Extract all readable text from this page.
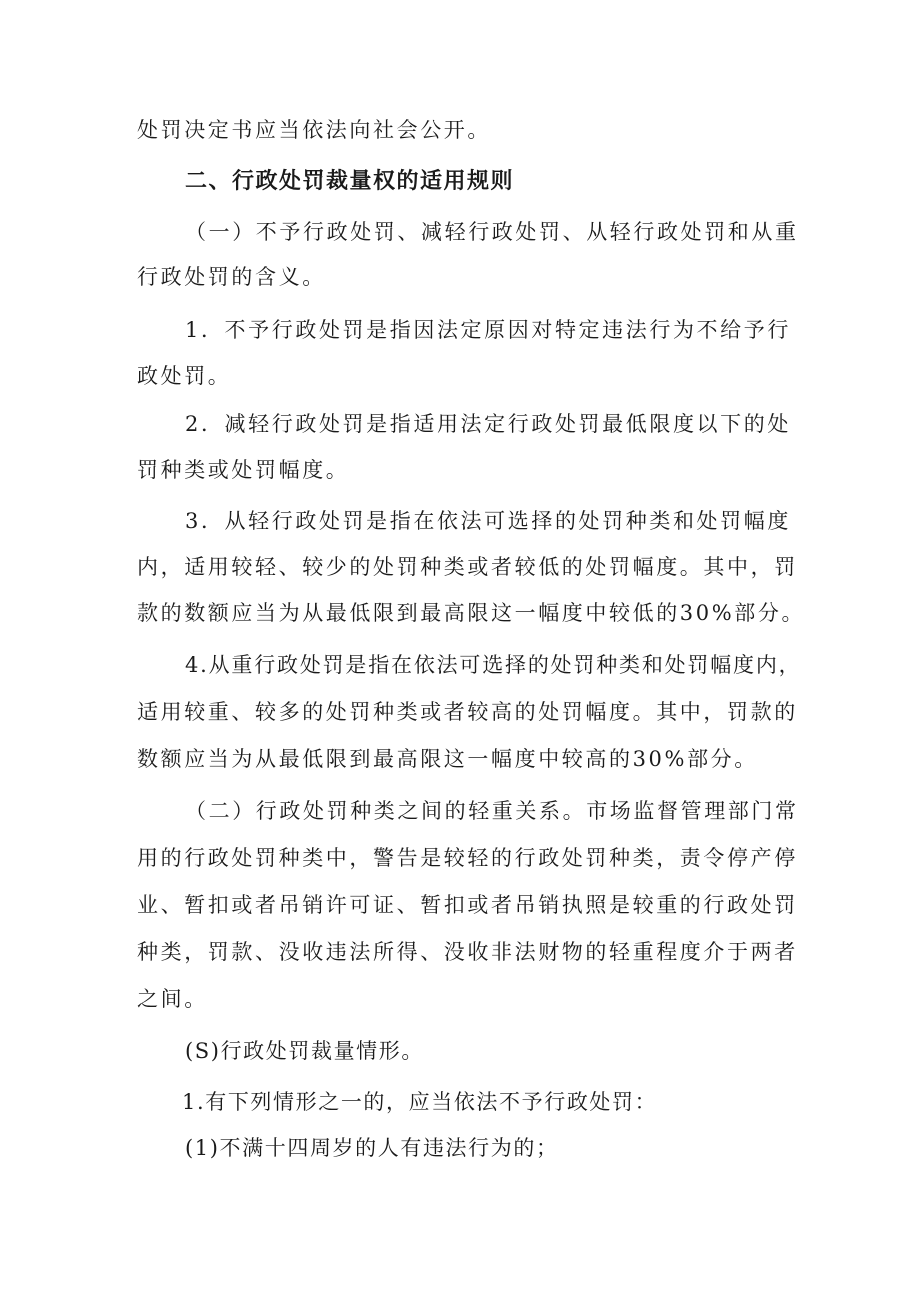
处罚决定书应当依法向社会公开。
二、行政处罚裁量权的适用规则
（一）不予行政处罚、减轻行政处罚、从轻行政处罚和从重
行政处罚的含义。
1．不予行政处罚是指因法定原因对特定违法行为不给予行
政处罚。
2．减轻行政处罚是指适用法定行政处罚最低限度以下的处
罚种类或处罚幅度。
3．从轻行政处罚是指在依法可选择的处罚种类和处罚幅度
内，适用较轻、较少的处罚种类或者较低的处罚幅度。其中，罚
款的数额应当为从最低限到最高限这一幅度中较低的30%部分。
4.从重行政处罚是指在依法可选择的处罚种类和处罚幅度内，
适用较重、较多的处罚种类或者较高的处罚幅度。其中，罚款的
数额应当为从最低限到最高限这一幅度中较高的30%部分。
（二）行政处罚种类之间的轻重关系。市场监督管理部门常
用的行政处罚种类中，警告是较轻的行政处罚种类，责令停产停
业、暂扣或者吊销许可证、暂扣或者吊销执照是较重的行政处罚
种类，罚款、没收违法所得、没收非法财物的轻重程度介于两者
之间。
(S)行政处罚裁量情形。
1.有下列情形之一的，应当依法不予行政处罚：
(1)不满十四周岁的人有违法行为的；
